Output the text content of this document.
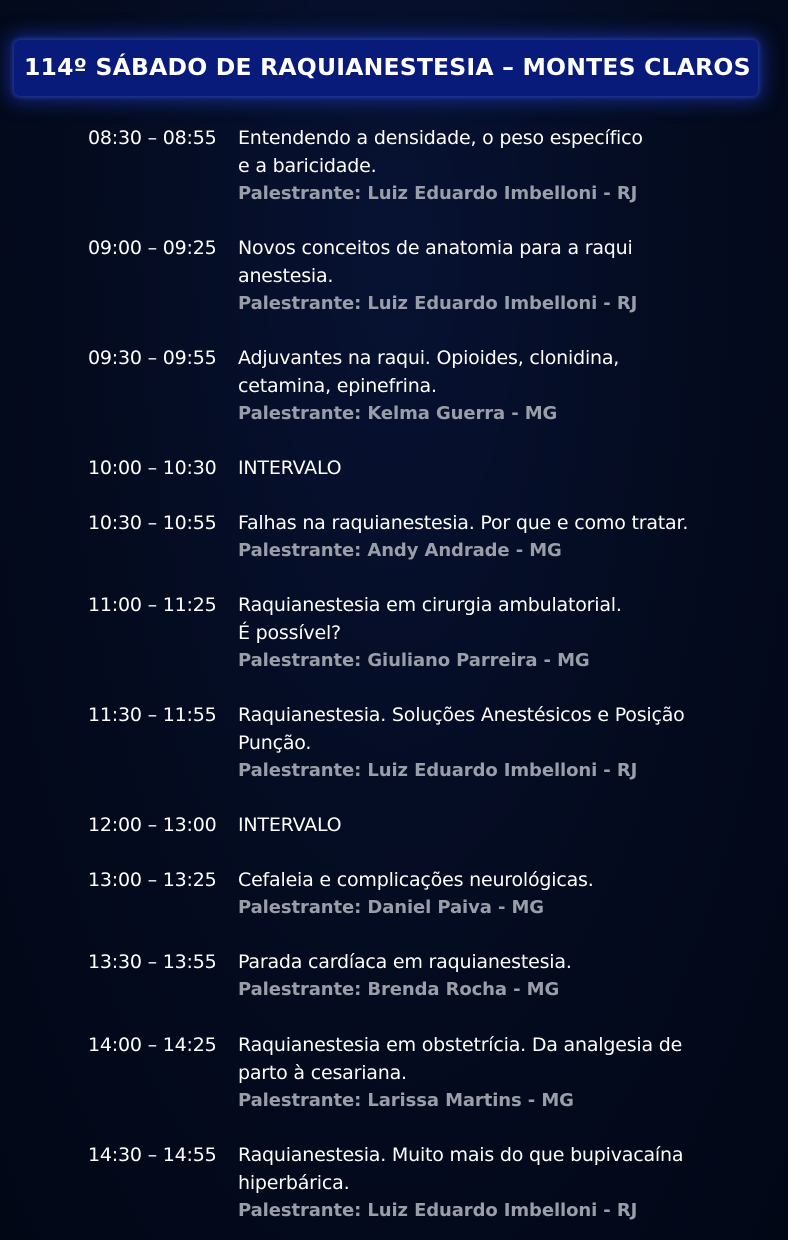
114º SÁBADO DE RAQUIANESTESIA – MONTES CLAROS
08:30 – 08:55 Entendendo a densidade, o peso específico
e a baricidade.
Palestrante: Luiz Eduardo Imbelloni - RJ
09:00 – 09:25 Novos conceitos de anatomia para a raqui
anestesia.
Palestrante: Luiz Eduardo Imbelloni - RJ
09:30 – 09:55 Adjuvantes na raqui. Opioides, clonidina,
cetamina, epinefrina.
Palestrante: Kelma Guerra - MG
10:00 – 10:30 INTERVALO
10:30 – 10:55 Falhas na raquianestesia. Por que e como tratar.
Palestrante: Andy Andrade - MG
11:00 – 11:25 Raquianestesia em cirurgia ambulatorial.
É possível?
Palestrante: Giuliano Parreira - MG
11:30 – 11:55 Raquianestesia. Soluções Anestésicos e Posição
Punção.
Palestrante: Luiz Eduardo Imbelloni - RJ
12:00 – 13:00 INTERVALO
13:00 – 13:25 Cefaleia e complicações neurológicas.
Palestrante: Daniel Paiva - MG
13:30 – 13:55 Parada cardíaca em raquianestesia.
Palestrante: Brenda Rocha - MG
14:00 – 14:25 Raquianestesia em obstetrícia. Da analgesia de
parto à cesariana.
Palestrante: Larissa Martins - MG
14:30 – 14:55 Raquianestesia. Muito mais do que bupivacaína
hiperbárica.
Palestrante: Luiz Eduardo Imbelloni - RJ
